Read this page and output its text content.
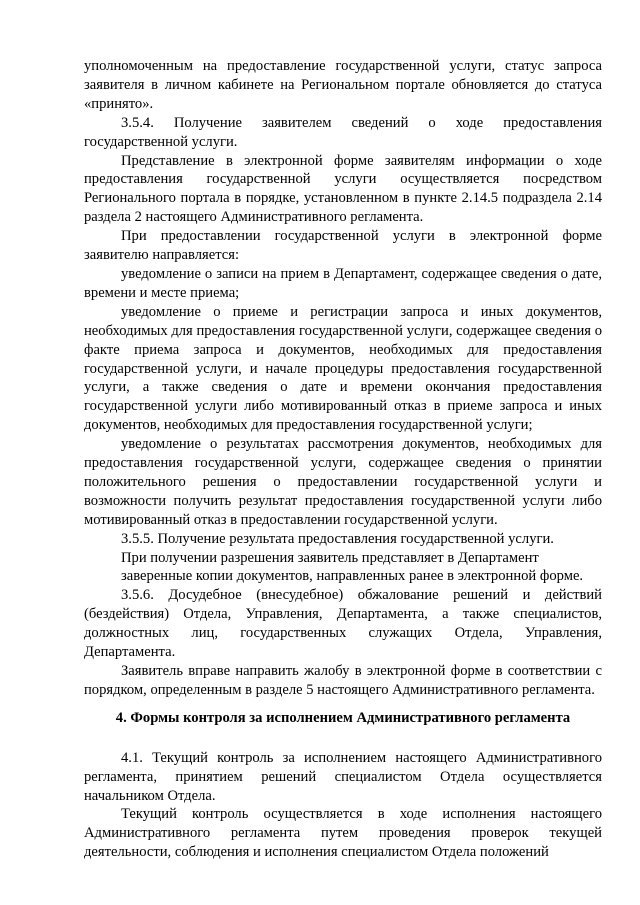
уполномоченным на предоставление государственной услуги, статус запроса заявителя в личном кабинете на Региональном портале обновляется до статуса «принято».

3.5.4. Получение заявителем сведений о ходе предоставления государственной услуги.

Представление в электронной форме заявителям информации о ходе предоставления государственной услуги осуществляется посредством Регионального портала в порядке, установленном в пункте 2.14.5 подраздела 2.14 раздела 2 настоящего Административного регламента.

При предоставлении государственной услуги в электронной форме заявителю направляется:

уведомление о записи на прием в Департамент, содержащее сведения о дате, времени и месте приема;

уведомление о приеме и регистрации запроса и иных документов, необходимых для предоставления государственной услуги, содержащее сведения о факте приема запроса и документов, необходимых для предоставления государственной услуги, и начале процедуры предоставления государственной услуги, а также сведения о дате и времени окончания предоставления государственной услуги либо мотивированный отказ в приеме запроса и иных документов, необходимых для предоставления государственной услуги;

уведомление о результатах рассмотрения документов, необходимых для предоставления государственной услуги, содержащее сведения о принятии положительного решения о предоставлении государственной услуги и возможности получить результат предоставления государственной услуги либо мотивированный отказ в предоставлении государственной услуги.

3.5.5. Получение результата предоставления государственной услуги.

При получении разрешения заявитель представляет в Департамент

заверенные копии документов, направленных ранее в электронной форме.

3.5.6. Досудебное (внесудебное) обжалование решений и действий (бездействия) Отдела, Управления, Департамента, а также специалистов, должностных лиц, государственных служащих Отдела, Управления, Департамента.

Заявитель вправе направить жалобу в электронной форме в соответствии с порядком, определенным в разделе 5 настоящего Административного регламента.

4. Формы контроля за исполнением Административного регламента

4.1. Текущий контроль за исполнением настоящего Административного регламента, принятием решений специалистом Отдела осуществляется начальником Отдела.

Текущий контроль осуществляется в ходе исполнения настоящего Административного регламента путем проведения проверок текущей деятельности, соблюдения и исполнения специалистом Отдела положений
